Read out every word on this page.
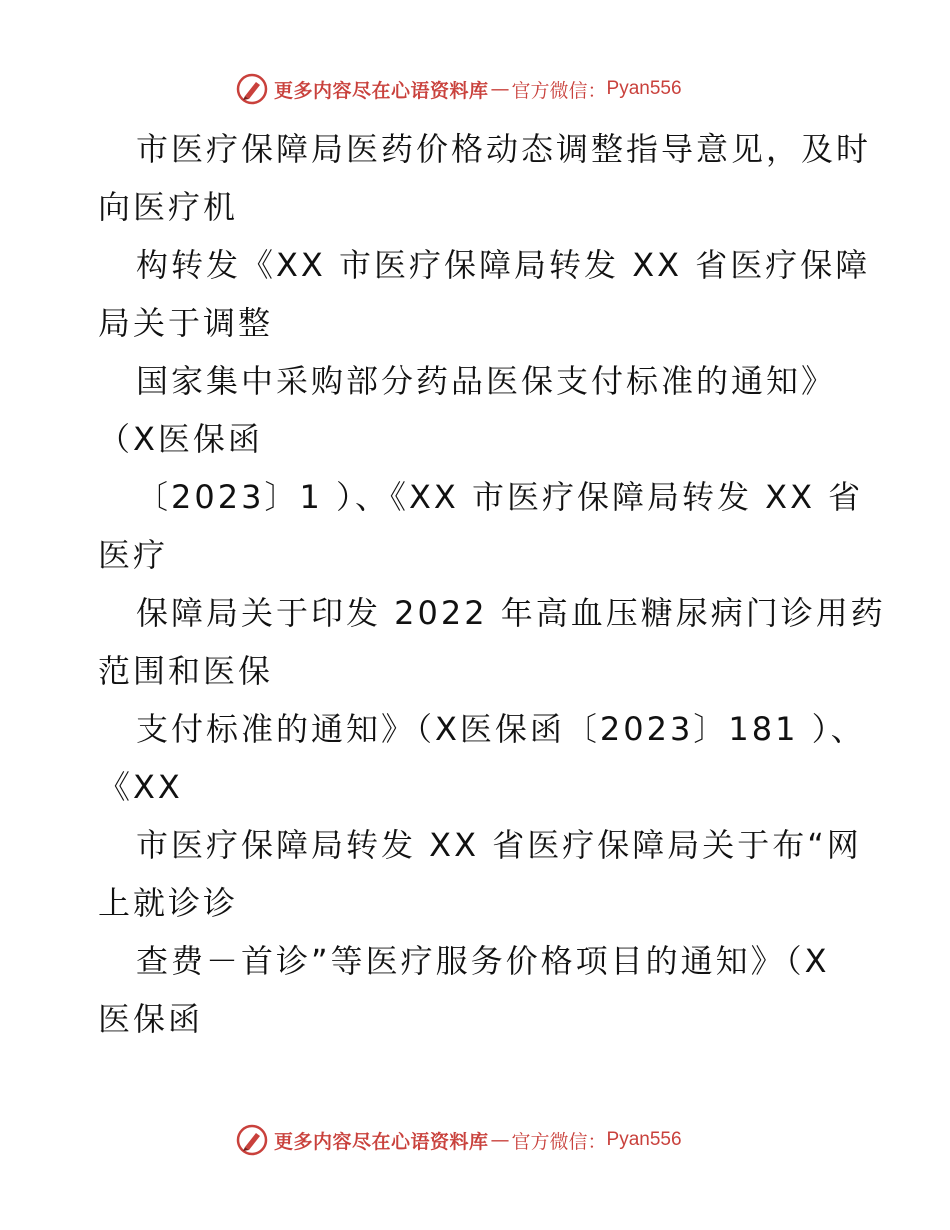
更多内容尽在心语资料库 — 官方微信： Pyan556
市医疗保障局医药价格动态调整指导意见，及时
向医疗机
构转发《XX 市医疗保障局转发 XX 省医疗保障
局关于调整
国家集中采购部分药品医保支付标准的通知》
（X医保函
〔2023〕1 ）、《XX 市医疗保障局转发 XX 省
医疗
保障局关于印发 2022 年高血压糖尿病门诊用药
范围和医保
支付标准的通知》（X医保函〔2023〕181 ）、
《XX
市医疗保障局转发 XX 省医疗保障局关于布“网
上就诊诊
查费－首诊”等医疗服务价格项目的通知》（X
医保函
更多内容尽在心语资料库 — 官方微信： Pyan556
